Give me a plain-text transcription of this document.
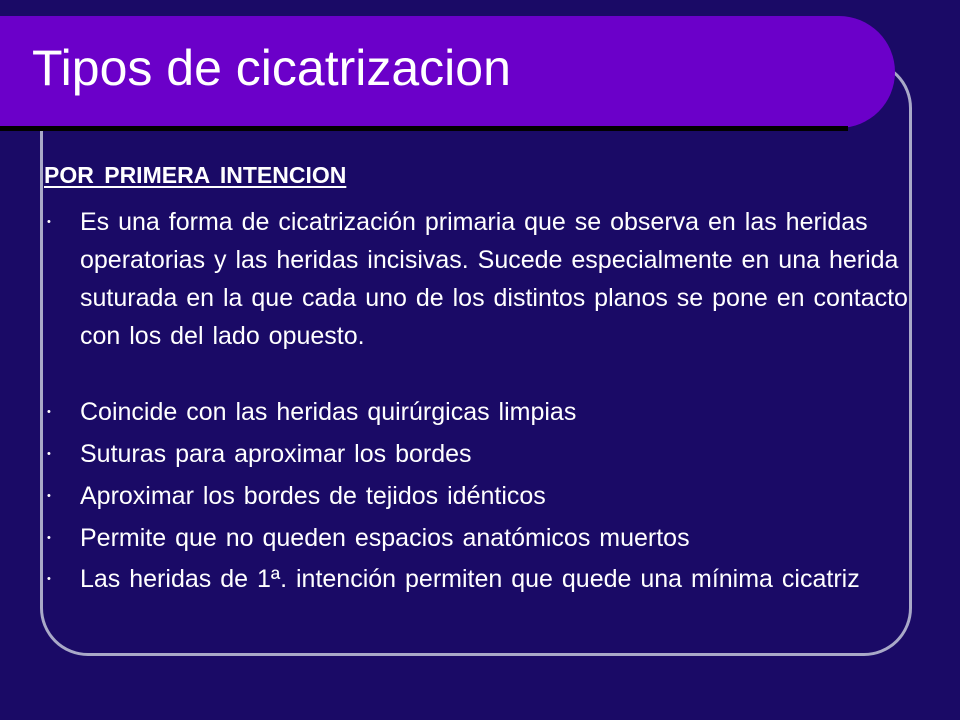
Tipos de cicatrizacion

POR PRIMERA INTENCION

• Es una forma de cicatrización primaria que se observa en las heridas operatorias y las heridas incisivas. Sucede especialmente en una herida suturada en la que cada uno de los distintos planos se pone en contacto con los del lado opuesto.
• Coincide con las heridas quirúrgicas limpias
• Suturas para aproximar los bordes
• Aproximar los bordes de tejidos idénticos
• Permite que no queden espacios anatómicos muertos
• Las heridas de 1ª. intención permiten que quede una mínima cicatriz
